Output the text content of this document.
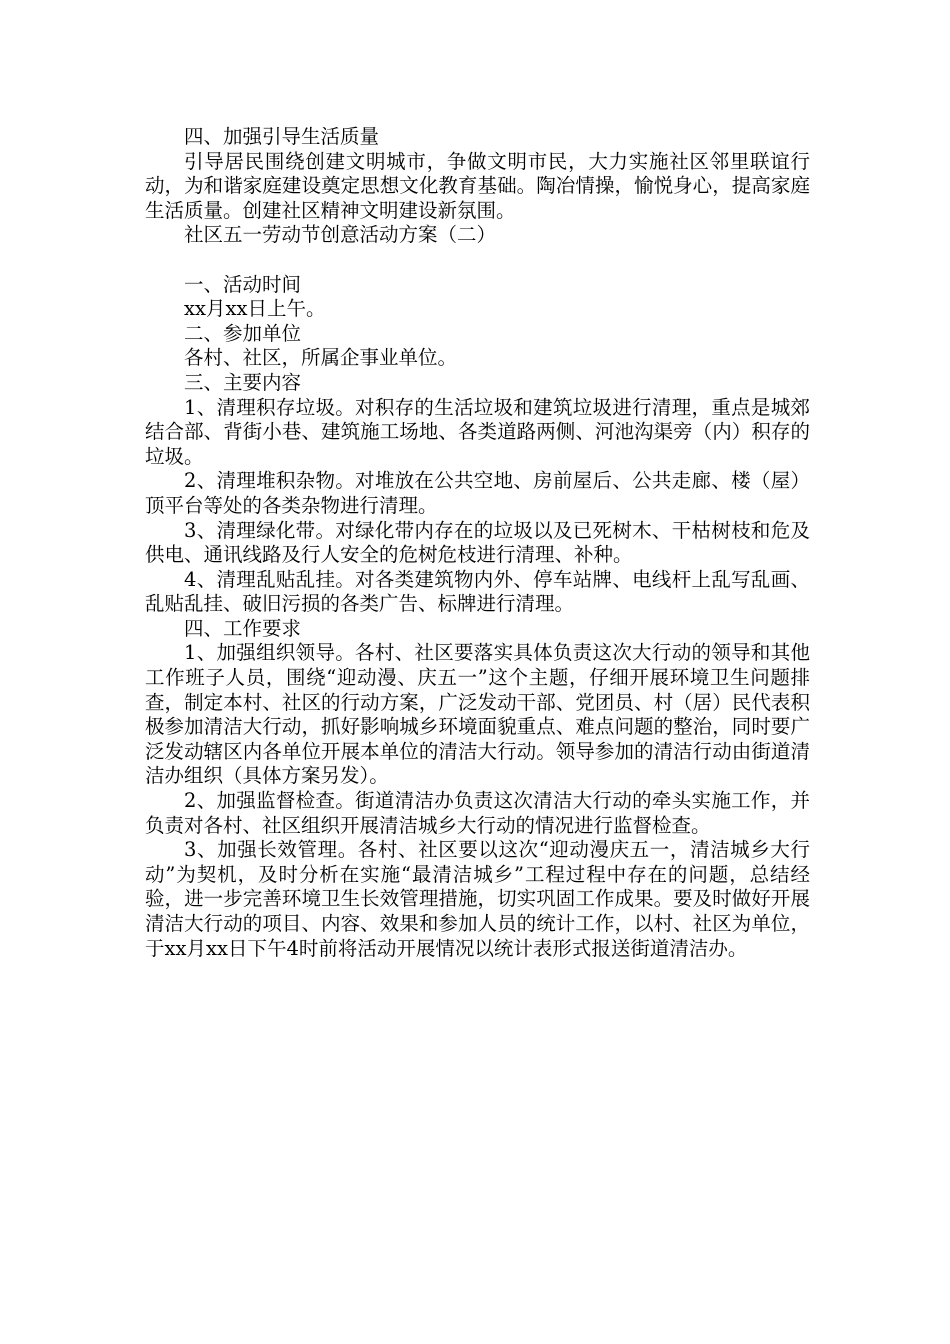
四、加强引导生活质量

引导居民围绕创建文明城市，争做文明市民，大力实施社区邻里联谊行动，为和谐家庭建设奠定思想文化教育基础。陶冶情操，愉悦身心，提高家庭生活质量。创建社区精神文明建设新氛围。

社区五一劳动节创意活动方案（二）

一、活动时间

xx月xx日上午。

二、参加单位

各村、社区，所属企事业单位。

三、主要内容

1、清理积存垃圾。对积存的生活垃圾和建筑垃圾进行清理，重点是城郊结合部、背街小巷、建筑施工场地、各类道路两侧、河池沟渠旁（内）积存的垃圾。

2、清理堆积杂物。对堆放在公共空地、房前屋后、公共走廊、楼（屋）顶平台等处的各类杂物进行清理。

3、清理绿化带。对绿化带内存在的垃圾以及已死树木、干枯树枝和危及供电、通讯线路及行人安全的危树危枝进行清理、补种。

4、清理乱贴乱挂。对各类建筑物内外、停车站牌、电线杆上乱写乱画、乱贴乱挂、破旧污损的各类广告、标牌进行清理。

四、工作要求

1、加强组织领导。各村、社区要落实具体负责这次大行动的领导和其他工作班子人员，围绕“迎动漫、庆五一”这个主题，仔细开展环境卫生问题排查，制定本村、社区的行动方案，广泛发动干部、党团员、村（居）民代表积极参加清洁大行动，抓好影响城乡环境面貌重点、难点问题的整治，同时要广泛发动辖区内各单位开展本单位的清洁大行动。领导参加的清洁行动由街道清洁办组织（具体方案另发）。

2、加强监督检查。街道清洁办负责这次清洁大行动的牵头实施工作，并负责对各村、社区组织开展清洁城乡大行动的情况进行监督检查。

3、加强长效管理。各村、社区要以这次“迎动漫庆五一，清洁城乡大行动”为契机，及时分析在实施“最清洁城乡”工程过程中存在的问题，总结经验，进一步完善环境卫生长效管理措施，切实巩固工作成果。要及时做好开展清洁大行动的项目、内容、效果和参加人员的统计工作，以村、社区为单位，于xx月xx日下午4时前将活动开展情况以统计表形式报送街道清洁办。
